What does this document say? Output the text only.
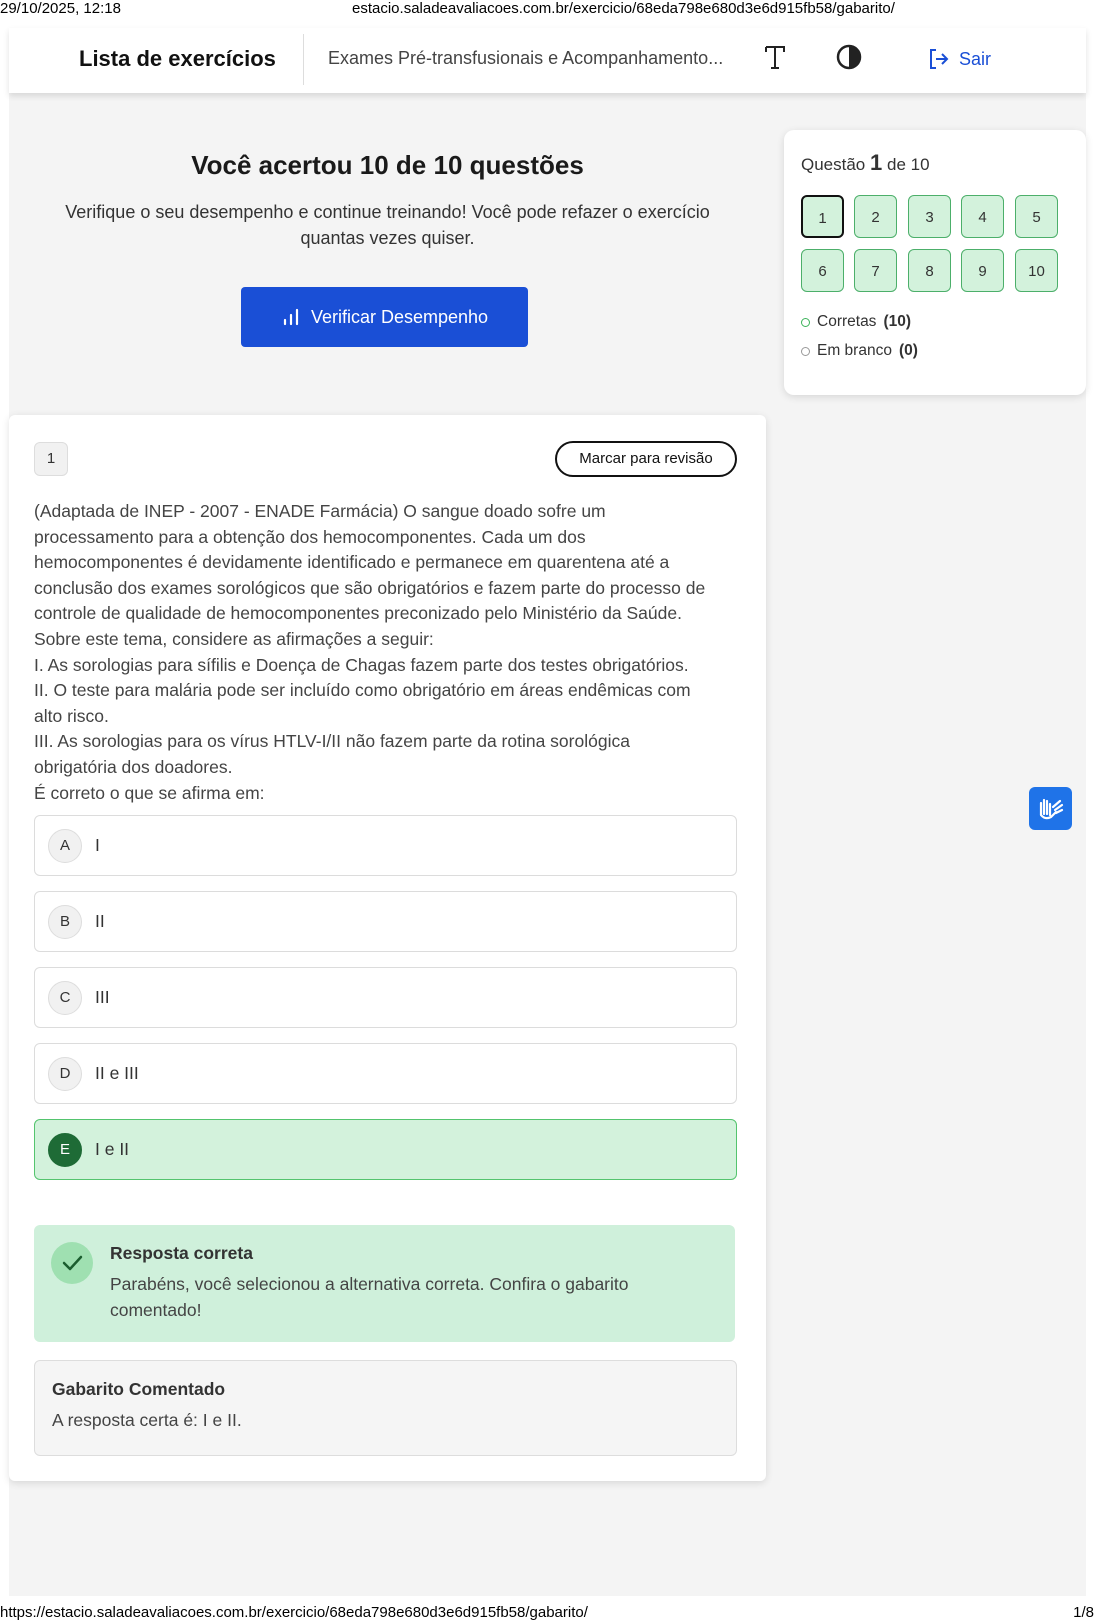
29/10/2025, 12:18	estacio.saladeavaliacoes.com.br/exercicio/68eda798e680d3e6d915fb58/gabarito/
Lista de exercícios	Exames Pré-transfusionais e Acompanhamento...	Sair
Você acertou 10 de 10 questões

Verifique o seu desempenho e continue treinando! Você pode refazer o exercício quantas vezes quiser.

Verificar Desempenho
1	Marcar para revisão
(Adaptada de INEP - 2007 - ENADE Farmácia) O sangue doado sofre um
processamento para a obtenção dos hemocomponentes. Cada um dos
hemocomponentes é devidamente identificado e permanece em quarentena até a
conclusão dos exames sorológicos que são obrigatórios e fazem parte do processo de
controle de qualidade de hemocomponentes preconizado pelo Ministério da Saúde.
Sobre este tema, considere as afirmações a seguir:
I. As sorologias para sífilis e Doença de Chagas fazem parte dos testes obrigatórios.
II. O teste para malária pode ser incluído como obrigatório em áreas endêmicas com
alto risco.
III. As sorologias para os vírus HTLV-I/II não fazem parte da rotina sorológica
obrigatória dos doadores.
É correto o que se afirma em:
A	I
B	II
C	III
D	II e III
E	I e II
Resposta correta
Parabéns, você selecionou a alternativa correta. Confira o gabarito comentado!
Gabarito Comentado
A resposta certa é: I e II.
Questão 1 de 10
1	2	3	4	5
6	7	8	9	10
Corretas (10)
Em branco (0)
https://estacio.saladeavaliacoes.com.br/exercicio/68eda798e680d3e6d915fb58/gabarito/	1/8
